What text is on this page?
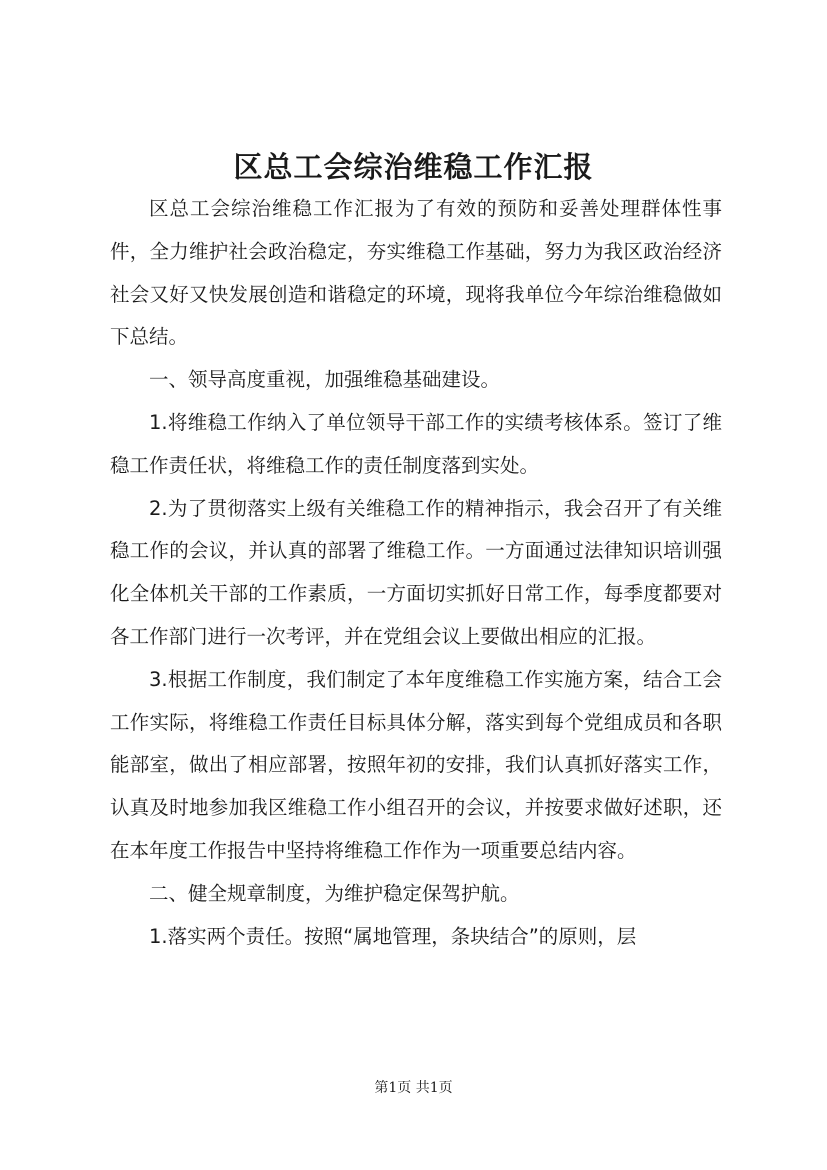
区总工会综治维稳工作汇报

区总工会综治维稳工作汇报为了有效的预防和妥善处理群体性事件，全力维护社会政治稳定，夯实维稳工作基础，努力为我区政治经济社会又好又快发展创造和谐稳定的环境，现将我单位今年综治维稳做如下总结。

一、领导高度重视，加强维稳基础建设。

1.将维稳工作纳入了单位领导干部工作的实绩考核体系。签订了维稳工作责任状，将维稳工作的责任制度落到实处。

2.为了贯彻落实上级有关维稳工作的精神指示，我会召开了有关维稳工作的会议，并认真的部署了维稳工作。一方面通过法律知识培训强化全体机关干部的工作素质，一方面切实抓好日常工作，每季度都要对各工作部门进行一次考评，并在党组会议上要做出相应的汇报。

3.根据工作制度，我们制定了本年度维稳工作实施方案，结合工会工作实际，将维稳工作责任目标具体分解，落实到每个党组成员和各职能部室，做出了相应部署，按照年初的安排，我们认真抓好落实工作，认真及时地参加我区维稳工作小组召开的会议，并按要求做好述职，还在本年度工作报告中坚持将维稳工作作为一项重要总结内容。

二、健全规章制度，为维护稳定保驾护航。

1.落实两个责任。按照“属地管理，条块结合”的原则，层

第1页 共1页
